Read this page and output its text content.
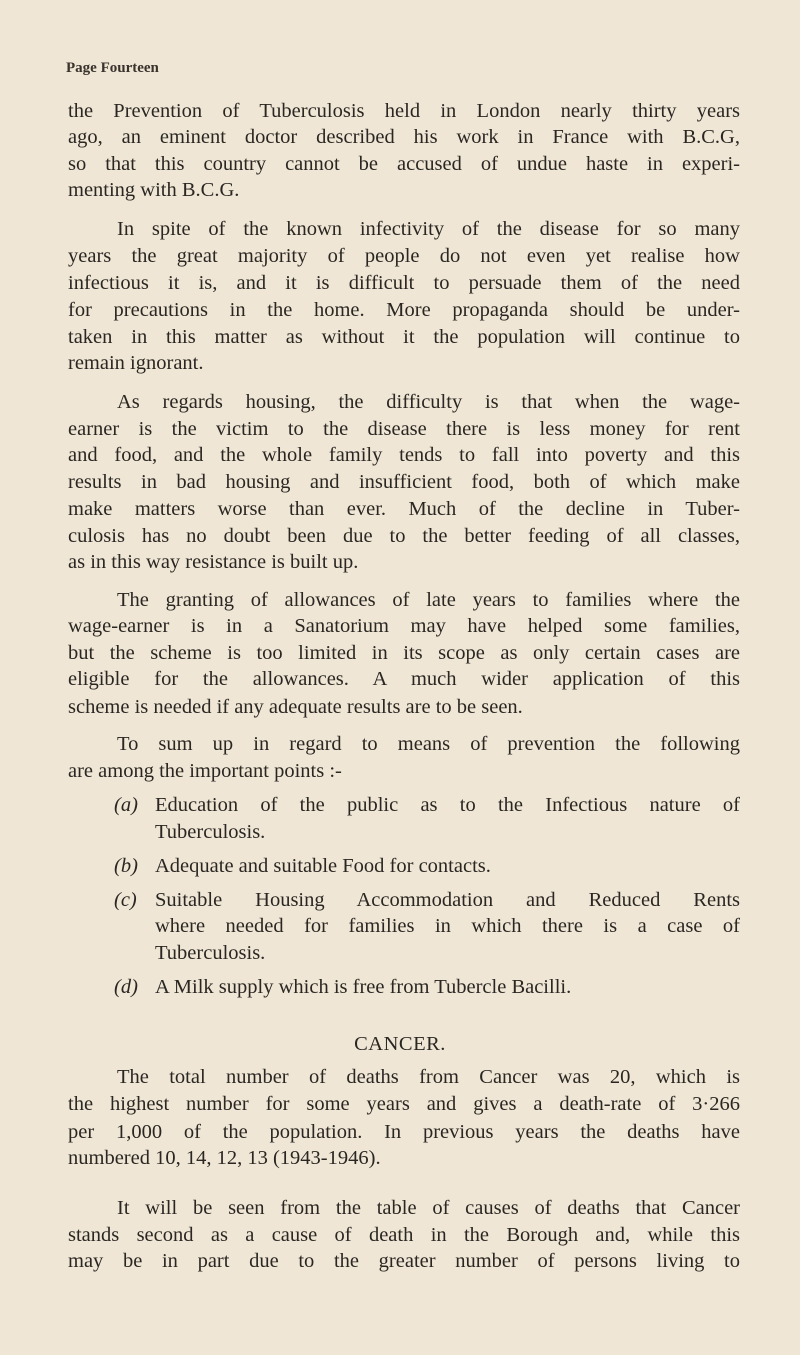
Page Fourteen
the Prevention of Tuberculosis held in London nearly thirty years
ago, an eminent doctor described his work in France with B.C.G,
so that this country cannot be accused of undue haste in experi-
menting with B.C.G.
In spite of the known infectivity of the disease for so many
years the great majority of people do not even yet realise how
infectious it is, and it is difficult to persuade them of the need
for precautions in the home. More propaganda should be under-
taken in this matter as without it the population will continue to
remain ignorant.
As regards housing, the difficulty is that when the wage-
earner is the victim to the disease there is less money for rent
and food, and the whole family tends to fall into poverty and this
results in bad housing and insufficient food, both of which make
make matters worse than ever. Much of the decline in Tuber-
culosis has no doubt been due to the better feeding of all classes,
as in this way resistance is built up.
The granting of allowances of late years to families where the
wage-earner is in a Sanatorium may have helped some families,
but the scheme is too limited in its scope as only certain cases are
eligible for the allowances. A much wider application of this
scheme is needed if any adequate results are to be seen.
To sum up in regard to means of prevention the following
are among the important points :-
(a) Education of the public as to the Infectious nature of
Tuberculosis.
(b) Adequate and suitable Food for contacts.
(c) Suitable Housing Accommodation and Reduced Rents
where needed for families in which there is a case of
Tuberculosis.
(d) A Milk supply which is free from Tubercle Bacilli.
CANCER.
The total number of deaths from Cancer was 20, which is
the highest number for some years and gives a death-rate of 3·266
per 1,000 of the population. In previous years the deaths have
numbered 10, 14, 12, 13 (1943-1946).
It will be seen from the table of causes of deaths that Cancer
stands second as a cause of death in the Borough and, while this
may be in part due to the greater number of persons living to
